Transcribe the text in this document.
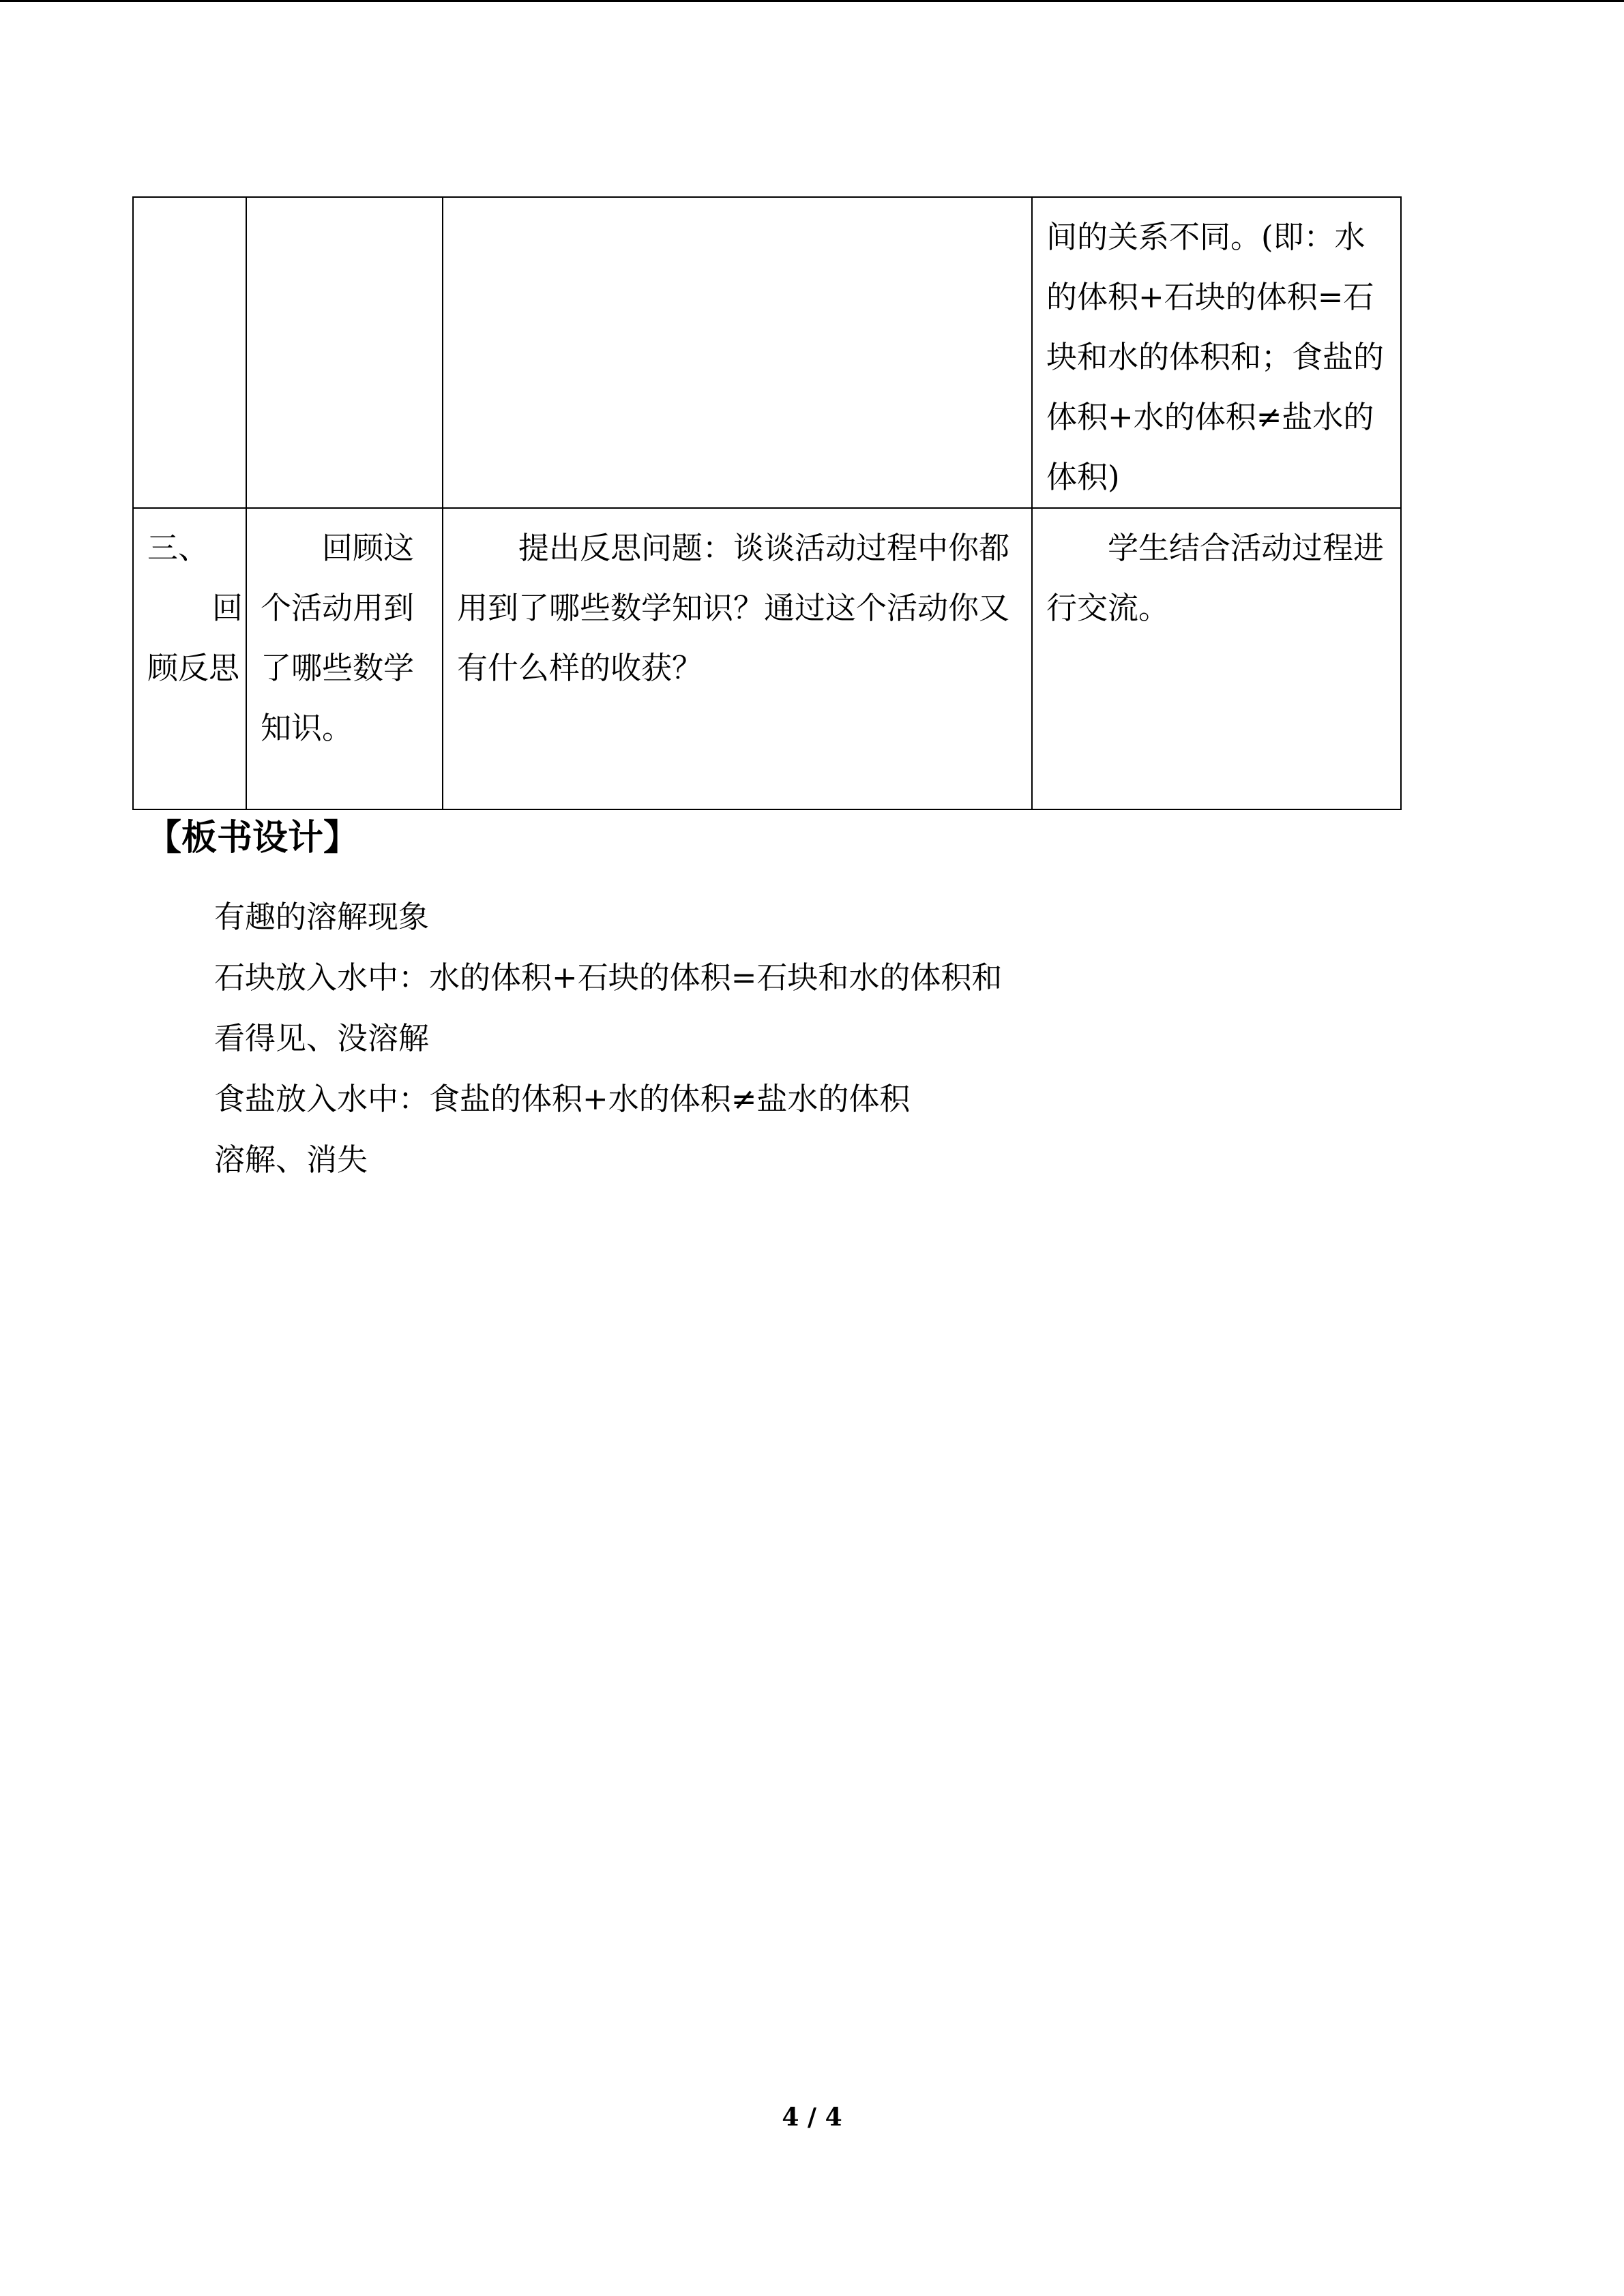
			间的关系不同。(即：水的体积+石块的体积=石块和水的体积和；食盐的体积+水的体积≠盐水的体积)

三、
回
顾反思	回顾这个活动用到了哪些数学知识。	提出反思问题：谈谈活动过程中你都用到了哪些数学知识？通过这个活动你又有什么样的收获？	学生结合活动过程进行交流。
【板书设计】
有趣的溶解现象
石块放入水中：水的体积+石块的体积=石块和水的体积和
看得见、没溶解
食盐放入水中：食盐的体积+水的体积≠盐水的体积
溶解、消失
4 / 4
